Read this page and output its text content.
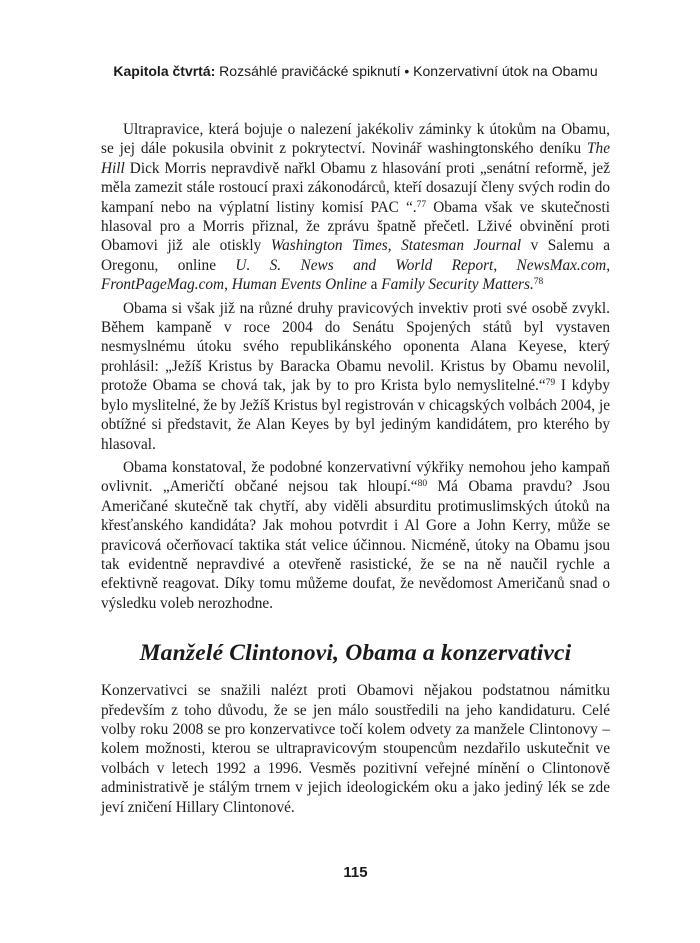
Kapitola čtvrtá: Rozsáhlé pravičácké spiknutí • Konzervativní útok na Obamu

Ultrapravice, která bojuje o nalezení jakékoliv záminky k útokům na Obamu, se jej dále pokusila obvinit z pokrytectví. Novinář washingtonského deníku The Hill Dick Morris nepravdivě nařkl Obamu z hlasování proti „senátní reformě, jež měla zamezit stále rostoucí praxi zákonodárců, kteří dosazují členy svých rodin do kampaní nebo na výplatní listiny komisí PAC “.$^{77}$ Obama však ve skutečnosti hlasoval pro a Morris přiznal, že zprávu špatně přečetl. Lživé obvinění proti Obamovi již ale otiskly Washington Times, Statesman Journal v Salemu a Oregonu, online U. S. News and World Report, NewsMax.com, FrontPageMag.com, Human Events Online a Family Security Matters.$^{78}$

Obama si však již na různé druhy pravicových invektiv proti své osobě zvykl. Během kampaně v roce 2004 do Senátu Spojených států byl vystaven nesmyslnému útoku svého republikánského oponenta Alana Keyese, který prohlásil: „Ježíš Kristus by Baracka Obamu nevolil. Kristus by Obamu nevolil, protože Obama se chová tak, jak by to pro Krista bylo nemyslitelné.“$^{79}$ I kdyby bylo myslitelné, že by Ježíš Kristus byl registrován v chicagských volbách 2004, je obtížné si představit, že Alan Keyes by byl jediným kandidátem, pro kterého by hlasoval.

Obama konstatoval, že podobné konzervativní výkřiky nemohou jeho kampaň ovlivnit. „Američtí občané nejsou tak hloupí.“$^{80}$ Má Obama pravdu? Jsou Američané skutečně tak chytří, aby viděli absurditu protimuslimských útoků na křesťanského kandidáta? Jak mohou potvrdit i Al Gore a John Kerry, může se pravicová očerňovací taktika stát velice účinnou. Nicméně, útoky na Obamu jsou tak evidentně nepravdivé a otevřeně rasistické, že se na ně naučil rychle a efektivně reagovat. Díky tomu můžeme doufat, že nevědomost Američanů snad o výsledku voleb nerozhodne.

Manželé Clintonovi, Obama a konzervativci

Konzervativci se snažili nalézt proti Obamovi nějakou podstatnou námitku především z toho důvodu, že se jen málo soustředili na jeho kandidaturu. Celé volby roku 2008 se pro konzervativce točí kolem odvety za manžele Clintonovy – kolem možnosti, kterou se ultrapravicovým stoupencům nezdařilo uskutečnit ve volbách v letech 1992 a 1996. Vesměs pozitivní veřejné mínění o Clintonově administrativě je stálým trnem v jejich ideologickém oku a jako jediný lék se zde jeví zničení Hillary Clintonové.

115
